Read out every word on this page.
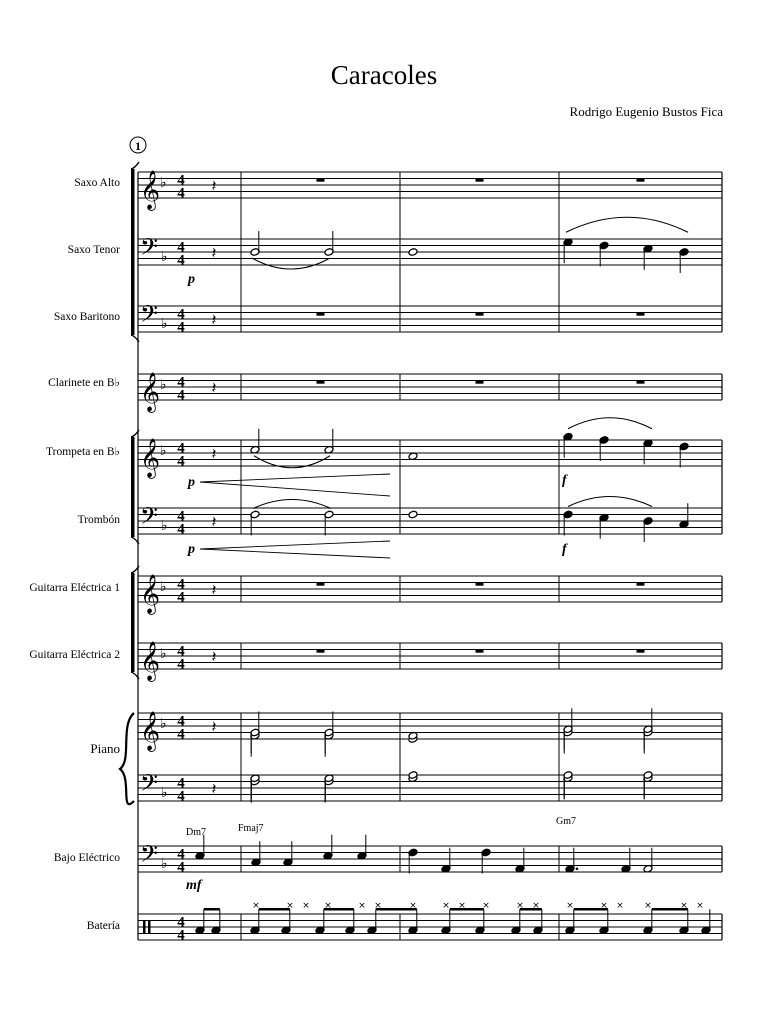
Caracoles
Rodrigo Eugenio Bustos Fica
Saxo Alto
Saxo Tenor
Saxo Baritono
Clarinete en B♭
Trompeta en B♭
Trombón
Guitarra Eléctrica 1
Guitarra Eléctrica 2
Piano
Bajo Eléctrico
Batería
𝄞
𝄢
𝄢
𝄞
𝄞
𝄢
𝄞
𝄞
𝄞
𝄢
𝄢
♭
♭
♭
♭
♭
♭
♭
♭
♭
♭
♭
4
4
4
4
4
4
4
4
4
4
4
4
4
4
4
4
4
4
4
4
4
4
4
4
𝄽
𝄽
𝄽
𝄽
𝄽
𝄽
𝄽
𝄽
𝄽
𝄽
×	× × ×	× ×	×	× × ×	× ×	×	× × ×	× ×
p
p
p
f
f
mf
Dm7	Fmaj7
Gm7
1
